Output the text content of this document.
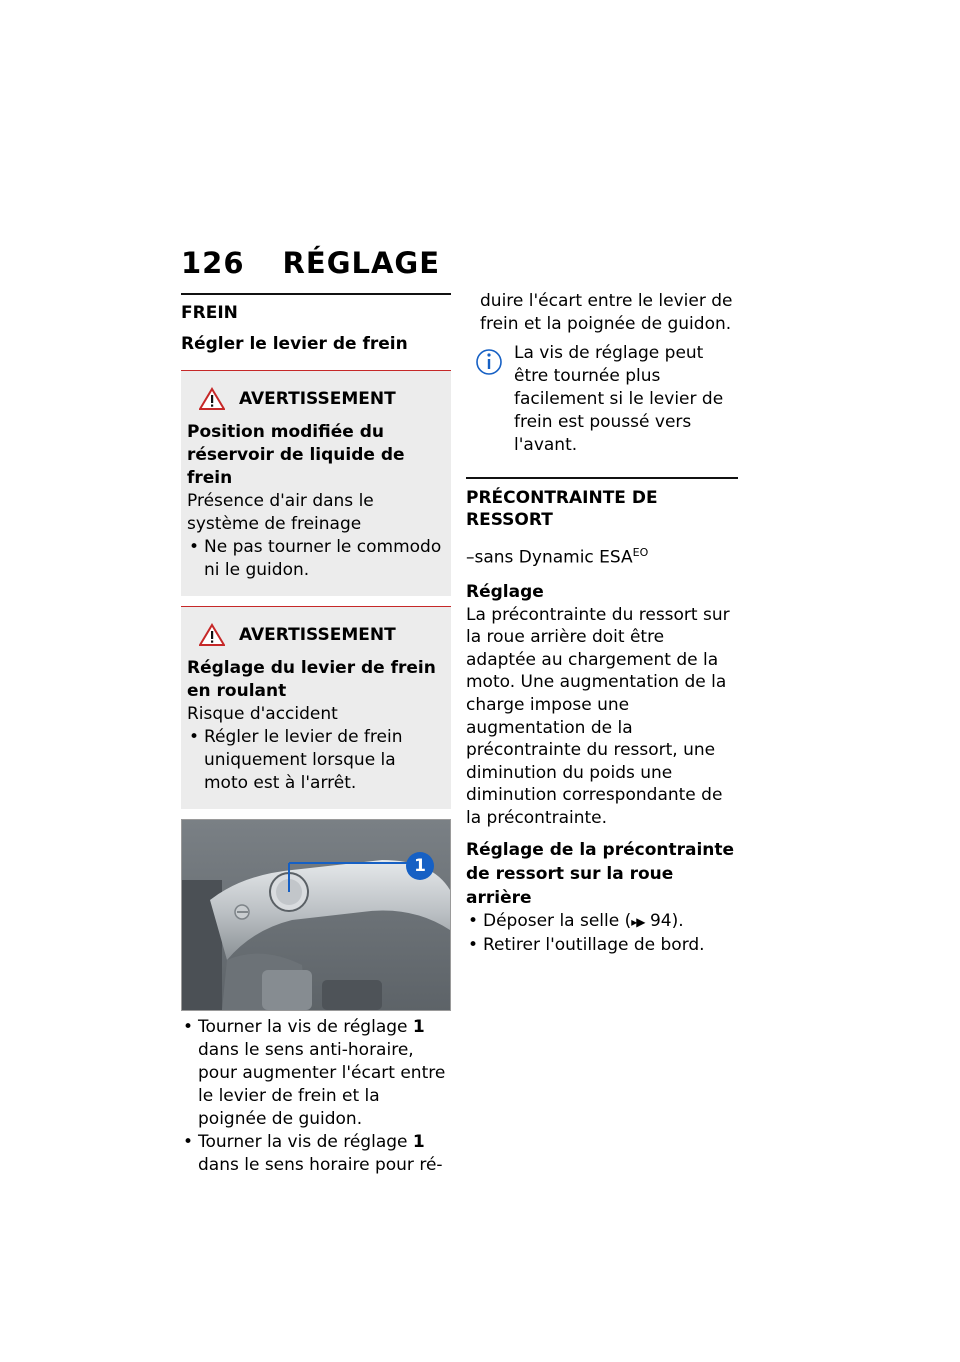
126 RÉGLAGE
FREIN
Régler le levier de frein
AVERTISSEMENT
Position modifiée du réservoir de liquide de frein
Présence d'air dans le système de freinage
• Ne pas tourner le commodo ni le guidon.
AVERTISSEMENT
Réglage du levier de frein en roulant
Risque d'accident
• Régler le levier de frein uniquement lorsque la moto est à l'arrêt.
1
• Tourner la vis de réglage 1 dans le sens anti-horaire, pour augmenter l'écart entre le levier de frein et la poignée de guidon.
• Tourner la vis de réglage 1 dans le sens horaire pour ré-
duire l'écart entre le levier de frein et la poignée de guidon.
La vis de réglage peut être tournée plus facilement si le levier de frein est poussé vers l'avant.
PRÉCONTRAINTE DE RESSORT
–sans Dynamic $ESA^{EO}$
Réglage
La précontrainte du ressort sur la roue arrière doit être adaptée au chargement de la moto. Une augmentation de la charge impose une augmentation de la précontrainte du ressort, une diminution du poids une diminution correspondante de la précontrainte.
Réglage de la précontrainte de ressort sur la roue arrière
• Déposer la selle (▸▶ 94).
• Retirer l'outillage de bord.
